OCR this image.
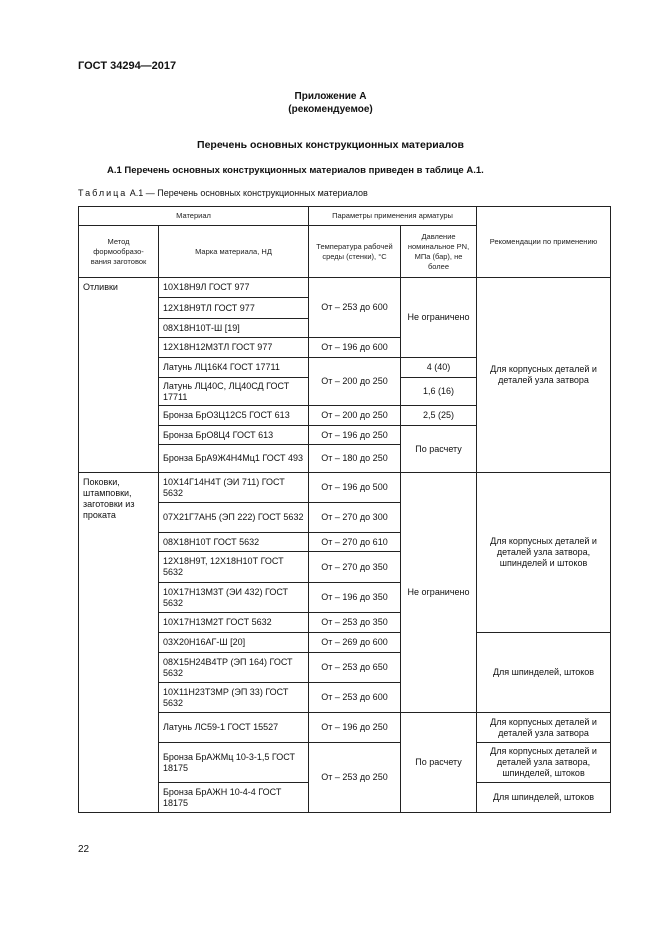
ГОСТ 34294—2017
Приложение А
(рекомендуемое)
Перечень основных конструкционных материалов
А.1 Перечень основных конструкционных материалов приведен в таблице А.1.
Таблица А.1 — Перечень основных конструкционных материалов
Материал		Параметры применения арматуры		Рекомендации по применению
Метод формообразо-вания заготовок	Марка материала, НД	Температура рабочей среды (стенки), °С	Давление номинальное PN, МПа (бар), не более	
Отливки	10Х18Н9Л ГОСТ 977	От – 253 до 600	Не ограничено	Для корпусных деталей и деталей узла затвора
	12Х18Н9ТЛ ГОСТ 977			
	08Х18Н10Т-Ш [19]			
	12Х18Н12М3ТЛ ГОСТ 977	От – 196 до 600		
	Латунь ЛЦ16К4 ГОСТ 17711	От – 200 до 250	4 (40)	
	Латунь ЛЦ40С, ЛЦ40СД ГОСТ 17711		1,6 (16)	
	Бронза БрО3Ц12С5 ГОСТ 613	От – 200 до 250	2,5 (25)	
	Бронза БрО8Ц4 ГОСТ 613	От – 196 до 250	По расчету	
	Бронза БрА9Ж4Н4Мц1 ГОСТ 493	От – 180 до 250		
Поковки, штамповки, заготовки из проката	10Х14Г14Н4Т (ЭИ 711) ГОСТ 5632	От – 196 до 500	Не ограничено	Для корпусных деталей и деталей узла затвора, шпинделей и штоков
	07Х21Г7АН5 (ЭП 222) ГОСТ 5632	От – 270 до 300		
	08Х18Н10Т ГОСТ 5632	От – 270 до 610		
	12Х18Н9Т, 12Х18Н10Т ГОСТ 5632	От – 270 до 350		
	10Х17Н13М3Т (ЭИ 432) ГОСТ 5632	От – 196 до 350		
	10Х17Н13М2Т ГОСТ 5632	От – 253 до 350		
	03Х20Н16АГ-Ш [20]	От – 269 до 600		Для шпинделей, штоков
	08Х15Н24В4ТР (ЭП 164) ГОСТ 5632	От – 253 до 650		
	10Х11Н23Т3МР (ЭП 33) ГОСТ 5632	От – 253 до 600		
	Латунь ЛС59-1 ГОСТ 15527	От – 196 до 250	По расчету	Для корпусных деталей и деталей узла затвора
	Бронза БрАЖМц 10-3-1,5 ГОСТ 18175	От – 253 до 250		Для корпусных деталей и деталей узла затвора, шпинделей, штоков
	Бронза БрАЖН 10-4-4 ГОСТ 18175			Для шпинделей, штоков
22
